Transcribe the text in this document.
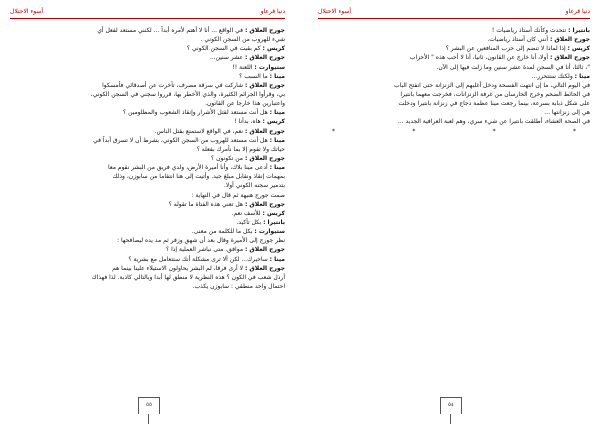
أسوء الاحتلال	دنيا قرعاو
جورج العلاق : في الواقع ... أنا لا أهتم لأمره أبداً ... لكنني مستعد لفعل أي
شيء للهروب من السجن الكوني .
كريس : كم بقيت في السجن الكوني ؟
جورج العلاق : عشر سنين...
ستيوارت : اللعنة !!
مينا : ما السبب ؟
جورج العلاق : شاركت في سرقة مصرف، تأخرت عن أصدقائي فأمسكوا
بي، وقرأوا الجرائم الكثيرة، والذي الأخطر بها، قرروا سجني في السجن الكوني،
واعتبارين هذا خارجا عن القانون.
مينا : هل أنت مستعد لقتل الأشرار وإنقاذ الشعوب والمظلومين ؟
كريس : هاه، بدأنا !
جورج العلاق : نعم، في الواقع لاستمتع بقتل الناس.
مينا : هل أنت مستعد للهروب من السجن الكوني، بشرط أن لا تسرق أبداً في
حياتك ولا تقوم إلا بما نأمرك بفعله ؟
جورج العلاق : من تكونون ؟
مينا : أدعى مينا بلاك، وأنا أميرة الأرض، ولدي فريق من البشر نقوم معا
بمهمات إنقاذ ونقابل مبلغ جيد. وأتيت إلى هنا انتقاما من سابوزن، وذلك
بتدمير سجنه الكوني أولا.
صمت جورج هنيهة ثم قال في النهاية :
جورج العلاق : هل تعني هذه الفتاة ما تقوله ؟
كريس : للأسف نعم.
بانتيرا : بكل تأكيد.
ستيوارت : بكل ما للكلمة من معنى.
نظر جورج إلى الأميرة وقال بعد أن شهق وزفر ثم مد يده ليصافحها :
جورج العلاق : موافق. متى نباشر العملية إذا ؟
مينا : ساخبرك... لكن ألا ترى مشكلة أنك ستتعامل مع بشرية ؟
جورج العلاق : لا أرى فرقا، لم البشر يحاولون الاستيلاء علينا بينما هم
أرذل شعب في الكون ؟ هذه النظرية لا منطق لها أبدا وبالتالي كاذبة. لذا فهذاك
احتمال واحد منطقي : سابوزن يكذب.
٥٥
أسوء الاحتلال	دنيا قرعاو
بانتيرا : تتحدث وكأنك أستاذ رياضيات !
جورج العلاق : أنني كان أستاذ رياضيات.
كريس : إذا لماذا لا تنضم إلى حزب المنافعين عن البشر ؟
جورج العلاق : أولا، أنا خارج عن القانون، ثانيا، أنا لا أحب هذه " الأحزاب
"، ثالثا، أنا في السجن لمدة عشر سنين وما زلت فيها إلى الآن.
مينا : ولكنك ستتحرر...
في اليوم التالي، ما إن انتهت الفسحة ودخل أغلبهم إلى الزنزانة حتى انفتح الباب
في الحائط الضخم وخرج الحارسان من غرفة الزنزانات، فخرجت معهما بانتيرا
على شكل ذبابة بسرعة، بينما رجعت مينا عظمة دجاج في زنزانة بانتيرا ودخلت
هي إلى زنزانتها ...
في الصحة العشاء، أطلقت بانتيرا عن شيء سري، وهم لعبة العرافية الجديد ...
*	*	*	*
٥٤
